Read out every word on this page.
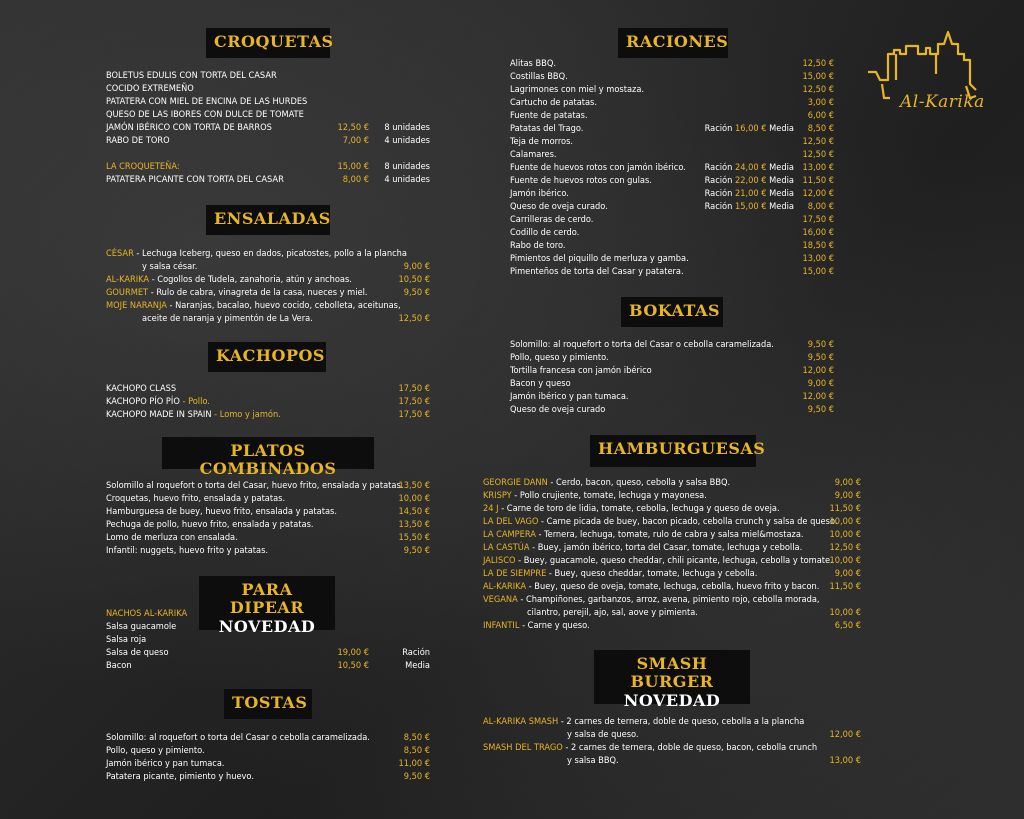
Al-Karika
CROQUETAS
BOLETUS EDULIS CON TORTA DEL CASAR
COCIDO EXTREMEÑO
PATATERA CON MIEL DE ENCINA DE LAS HURDES
QUESO DE LAS IBORES CON DULCE DE TOMATE
JAMÓN IBÉRICO CON TORTA DE BARROS	12,50 € 8 unidades
RABO DE TORO	7,00 € 4 unidades
LA CROQUETEÑA:	15,00 € 8 unidades
PATATERA PICANTE CON TORTA DEL CASAR	8,00 € 4 unidades
ENSALADAS
CÉSAR - Lechuga Iceberg, queso en dados, picatostes, pollo a la plancha
y salsa césar.	9,00 €
AL-KARIKA - Cogollos de Tudela, zanahoria, atún y anchoas.	10,50 €
GOURMET - Rulo de cabra, vinagreta de la casa, nueces y miel.	9,50 €
MOJE NARANJA - Naranjas, bacalao, huevo cocido, cebolleta, aceitunas,
aceite de naranja y pimentón de La Vera.	12,50 €
KACHOPOS
KACHOPO CLASS	17,50 €
KACHOPO PÍO PÍO - Pollo.	17,50 €
KACHOPO MADE IN SPAIN - Lomo y jamón.	17,50 €
PLATOS COMBINADOS
Solomillo al roquefort o torta del Casar, huevo frito, ensalada y patatas.
13,50 €
Croquetas, huevo frito, ensalada y patatas.	10,00 €
Hamburguesa de buey, huevo frito, ensalada y patatas.	14,50 €
Pechuga de pollo, huevo frito, ensalada y patatas.	13,50 €
Lomo de merluza con ensalada.	15,50 €
Infantil: nuggets, huevo frito y patatas.	9,50 €
PARA DIPEAR
NOVEDAD
NACHOS AL-KARIKA
Salsa guacamole
Salsa roja
Salsa de queso	19,00 €	Ración
Bacon	10,50 €	Media
TOSTAS
Solomillo: al roquefort o torta del Casar o cebolla caramelizada.	8,50 €
Pollo, queso y pimiento.	8,50 €
Jamón ibérico y pan tumaca.	11,00 €
Patatera picante, pimiento y huevo.	9,50 €
RACIONES
Alitas BBQ.	12,50 €
Costillas BBQ.	15,00 €
Lagrimones con miel y mostaza.	12,50 €
Cartucho de patatas.	3,00 €
Fuente de patatas.	6,00 €
Patatas del Trago.	Ración 16,00 € Media 8,50 €
Teja de morros.	12,50 €
Calamares.	12,50 €
Fuente de huevos rotos con jamón ibérico. Ración 24,00 € Media 13,00 €
Fuente de huevos rotos con gulas.	Ración 22,00 € Media 11,50 €
Jamón ibérico.	Ración 21,00 € Media 12,00 €
Queso de oveja curado.	Ración 15,00 € Media 8,00 €
Carrilleras de cerdo.	17,50 €
Codillo de cerdo.	16,00 €
Rabo de toro.	18,50 €
Pimientos del piquillo de merluza y gamba.	13,00 €
Pimenteños de torta del Casar y patatera.	15,00 €
BOKATAS
Solomillo: al roquefort o torta del Casar o cebolla caramelizada.	9,50 €
Pollo, queso y pimiento.	9,50 €
Tortilla francesa con jamón ibérico	12,00 €
Bacon y queso	9,00 €
Jamón ibérico y pan tumaca.	12,00 €
Queso de oveja curado	9,50 €
HAMBURGUESAS
GEORGIE DANN - Cerdo, bacon, queso, cebolla y salsa BBQ.	9,00 €
KRISPY - Pollo crujiente, tomate, lechuga y mayonesa.	9,00 €
24 J - Carne de toro de lidia, tomate, cebolla, lechuga y queso de oveja.	11,50 €
LA DEL VAGO - Carne picada de buey, bacon picado, cebolla crunch y salsa de queso.
10,00 €
LA CAMPERA - Ternera, lechuga, tomate, rulo de cabra y salsa miel&mostaza.	10,00 €
LA CASTÚA - Buey, jamón ibérico, torta del Casar, tomate, lechuga y cebolla.	12,50 €
JALISCO - Buey, guacamole, queso cheddar, chili picante, lechuga, cebolla y tomate.
10,00 €
LA DE SIEMPRE - Buey, queso cheddar, tomate, lechuga y cebolla.	9,00 €
AL-KARIKA - Buey, queso de oveja, tomate, lechuga, cebolla, huevo frito y bacon. 11,50 €
VEGANA - Champiñones, garbanzos, arroz, avena, pimiento rojo, cebolla morada,
cilantro, perejil, ajo, sal, aove y pimienta.	10,00 €
INFANTIL - Carne y queso.	6,50 €
SMASH BURGER
NOVEDAD
AL-KARIKA SMASH - 2 carnes de ternera, doble de queso, cebolla a la plancha
y salsa de queso.	12,00 €
SMASH DEL TRAGO - 2 carnes de ternera, doble de queso, bacon, cebolla crunch
y salsa BBQ.	13,00 €
